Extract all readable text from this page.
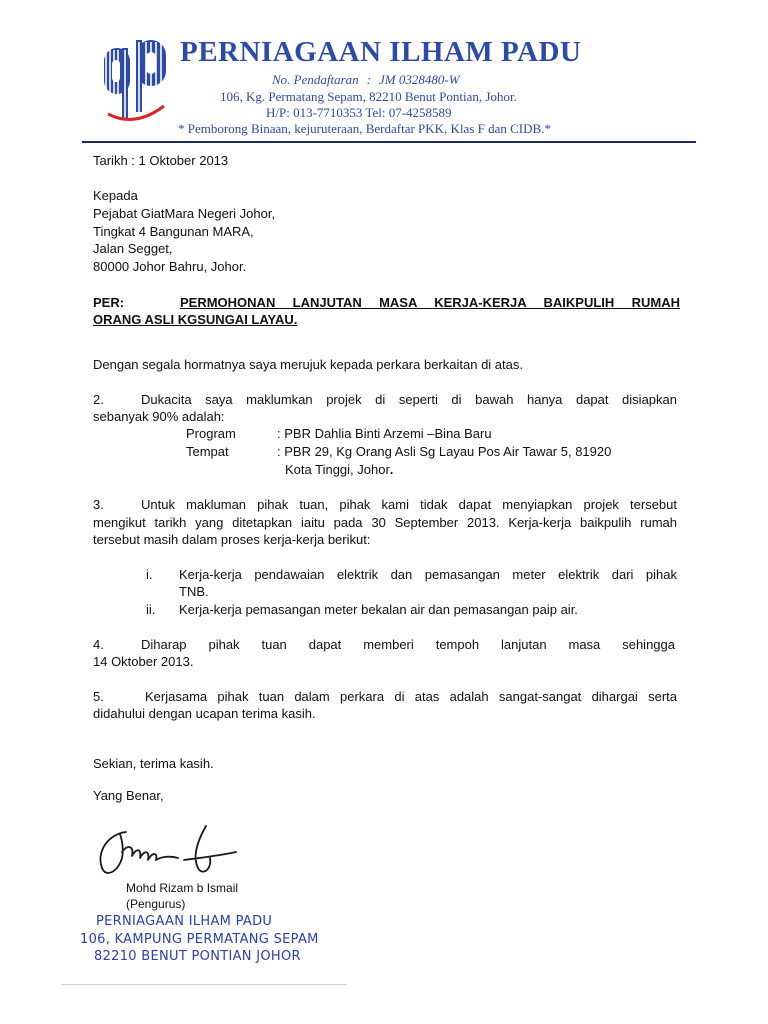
PERNIAGAAN ILHAM PADU
No. Pendaftaran : JM 0328480-W
106, Kg. Permatang Sepam, 82210 Benut Pontian, Johor.
H/P: 013-7710353 Tel: 07-4258589
* Pemborong Binaan, kejuruteraan, Berdaftar PKK, Klas F dan CIDB.*
Tarikh : 1 Oktober 2013
Kepada
Pejabat GiatMara Negeri Johor,
Tingkat 4 Bangunan MARA,
Jalan Segget,
80000 Johor Bahru, Johor.
PER:	PERMOHONAN LANJUTAN MASA KERJA-KERJA BAIKPULIH RUMAH
ORANG ASLI KGSUNGAI LAYAU.
Dengan segala hormatnya saya merujuk kepada perkara berkaitan di atas.
2.	Dukacita saya maklumkan projek di seperti di bawah hanya dapat disiapkan
sebanyak 90% adalah:
Program	: PBR Dahlia Binti Arzemi –Bina Baru
Tempat	: PBR 29, Kg Orang Asli Sg Layau Pos Air Tawar 5, 81920
Kota Tinggi, Johor.
3.	Untuk makluman pihak tuan, pihak kami tidak dapat menyiapkan projek tersebut
mengikut tarikh yang ditetapkan iaitu pada 30 September 2013. Kerja-kerja baikpulih rumah
tersebut masih dalam proses kerja-kerja berikut:
i. Kerja-kerja pendawaian elektrik dan pemasangan meter elektrik dari pihak
TNB.
ii. Kerja-kerja pemasangan meter bekalan air dan pemasangan paip air.
4.	Diharap pihak tuan dapat memberi tempoh lanjutan masa sehingga
14 Oktober 2013.
5.	Kerjasama pihak tuan dalam perkara di atas adalah sangat-sangat dihargai serta
didahului dengan ucapan terima kasih.
Sekian, terima kasih.
Yang Benar,
Mohd Rizam b Ismail
(Pengurus)
PERNIAGAAN ILHAM PADU
106, KAMPUNG PERMATANG SEPAM
82210 BENUT PONTIAN JOHOR
